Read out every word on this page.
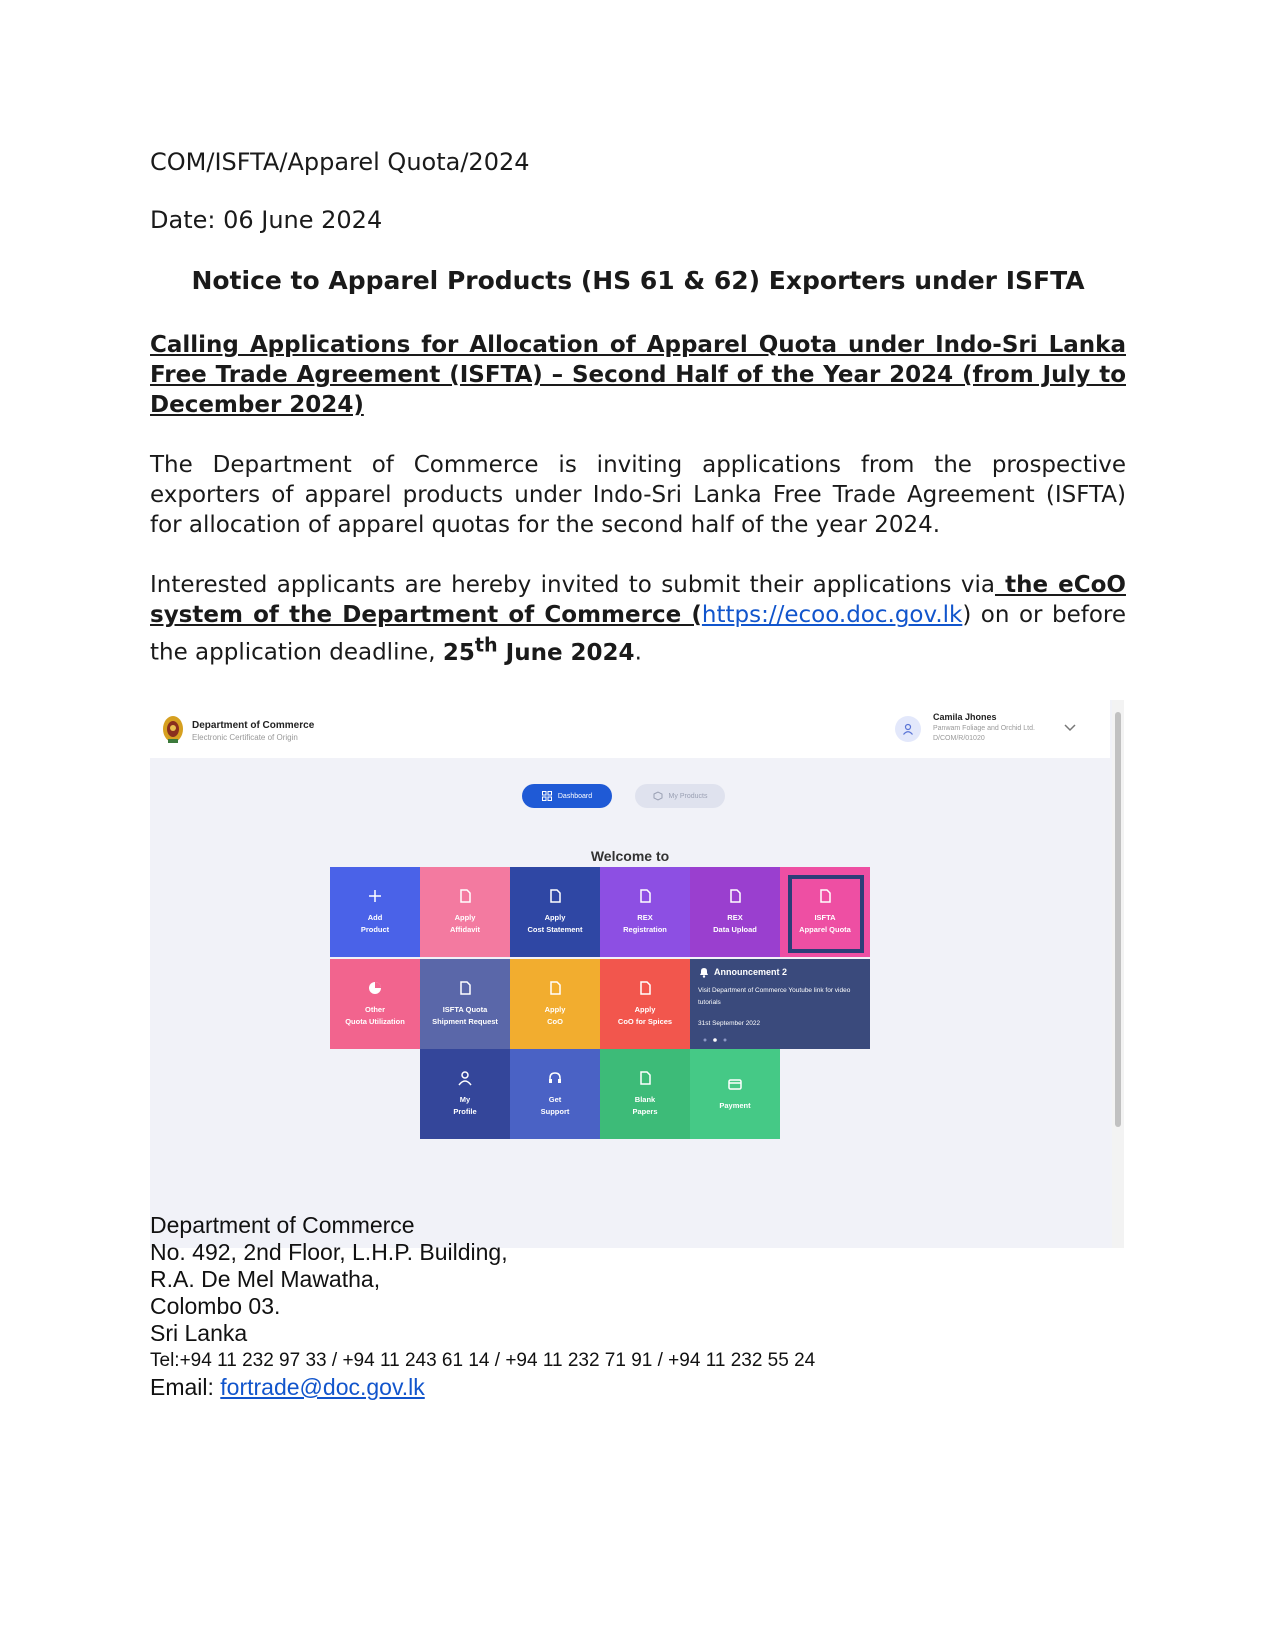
COM/ISFTA/Apparel Quota/2024
Date: 06 June 2024
Notice to Apparel Products (HS 61 & 62) Exporters under ISFTA
Calling Applications for Allocation of Apparel Quota under Indo-Sri Lanka Free Trade Agreement (ISFTA) – Second Half of the Year 2024 (from July to December 2024)
The Department of Commerce is inviting applications from the prospective exporters of apparel products under Indo-Sri Lanka Free Trade Agreement (ISFTA) for allocation of apparel quotas for the second half of the year 2024.
Interested applicants are hereby invited to submit their applications via the eCoO system of the Department of Commerce (https://ecoo.doc.gov.lk) on or before the application deadline, 25th June 2024.
Department of Commerce
Electronic Certificate of Origin
Camila Jhones
Panwam Foliage and Orchid Ltd.
D/COM/R/01020
Dashboard	My Products
Welcome to
Add
Product
Apply
Affidavit
Apply
Cost Statement
REX
Registration
REX
Data Upload
ISFTA
Apparel Quota
Other
Quota Utilization
ISFTA Quota
Shipment Request
Apply
CoO
Apply
CoO for Spices
My
Profile
Get
Support
Blank
Papers
Payment
Announcement 2
Visit Department of Commerce Youtube link for video tutorials
31st September 2022
Department of Commerce
No. 492, 2nd Floor, L.H.P. Building,
R.A. De Mel Mawatha,
Colombo 03.
Sri Lanka
Tel:+94 11 232 97 33 / +94 11 243 61 14 / +94 11 232 71 91 / +94 11 232 55 24
Email: fortrade@doc.gov.lk
